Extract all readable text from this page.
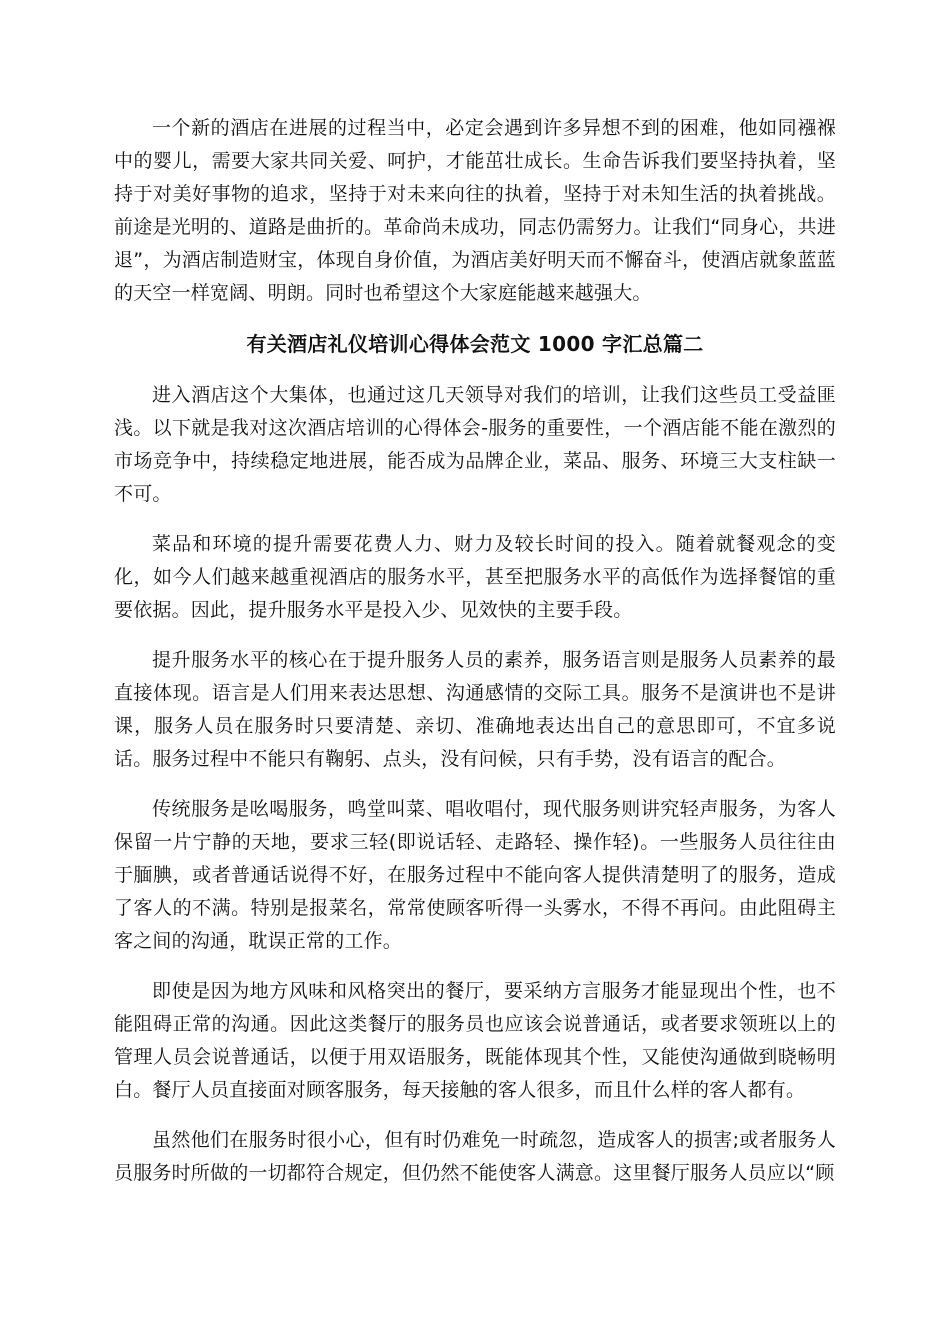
一个新的酒店在进展的过程当中，必定会遇到许多异想不到的困难，他如同襁褓中的婴儿，需要大家共同关爱、呵护，才能茁壮成长。生命告诉我们要坚持执着，坚持于对美好事物的追求，坚持于对未来向往的执着，坚持于对未知生活的执着挑战。前途是光明的、道路是曲折的。革命尚未成功，同志仍需努力。让我们“同身心，共进退”，为酒店制造财宝，体现自身价值，为酒店美好明天而不懈奋斗，使酒店就象蓝蓝的天空一样宽阔、明朗。同时也希望这个大家庭能越来越强大。

有关酒店礼仪培训心得体会范文 1000 字汇总篇二

进入酒店这个大集体，也通过这几天领导对我们的培训，让我们这些员工受益匪浅。以下就是我对这次酒店培训的心得体会-服务的重要性，一个酒店能不能在激烈的市场竞争中，持续稳定地进展，能否成为品牌企业，菜品、服务、环境三大支柱缺一不可。

菜品和环境的提升需要花费人力、财力及较长时间的投入。随着就餐观念的变化，如今人们越来越重视酒店的服务水平，甚至把服务水平的高低作为选择餐馆的重要依据。因此，提升服务水平是投入少、见效快的主要手段。

提升服务水平的核心在于提升服务人员的素养，服务语言则是服务人员素养的最直接体现。语言是人们用来表达思想、沟通感情的交际工具。服务不是演讲也不是讲课，服务人员在服务时只要清楚、亲切、准确地表达出自己的意思即可，不宜多说话。服务过程中不能只有鞠躬、点头，没有问候，只有手势，没有语言的配合。

传统服务是吆喝服务，鸣堂叫菜、唱收唱付，现代服务则讲究轻声服务，为客人保留一片宁静的天地，要求三轻(即说话轻、走路轻、操作轻)。一些服务人员往往由于腼腆，或者普通话说得不好，在服务过程中不能向客人提供清楚明了的服务，造成了客人的不满。特别是报菜名，常常使顾客听得一头雾水，不得不再问。由此阻碍主客之间的沟通，耽误正常的工作。

即使是因为地方风味和风格突出的餐厅，要采纳方言服务才能显现出个性，也不能阻碍正常的沟通。因此这类餐厅的服务员也应该会说普通话，或者要求领班以上的管理人员会说普通话，以便于用双语服务，既能体现其个性，又能使沟通做到晓畅明白。餐厅人员直接面对顾客服务，每天接触的客人很多，而且什么样的客人都有。

虽然他们在服务时很小心，但有时仍难免一时疏忽，造成客人的损害;或者服务人员服务时所做的一切都符合规定，但仍然不能使客人满意。这里餐厅服务人员应以“顾
